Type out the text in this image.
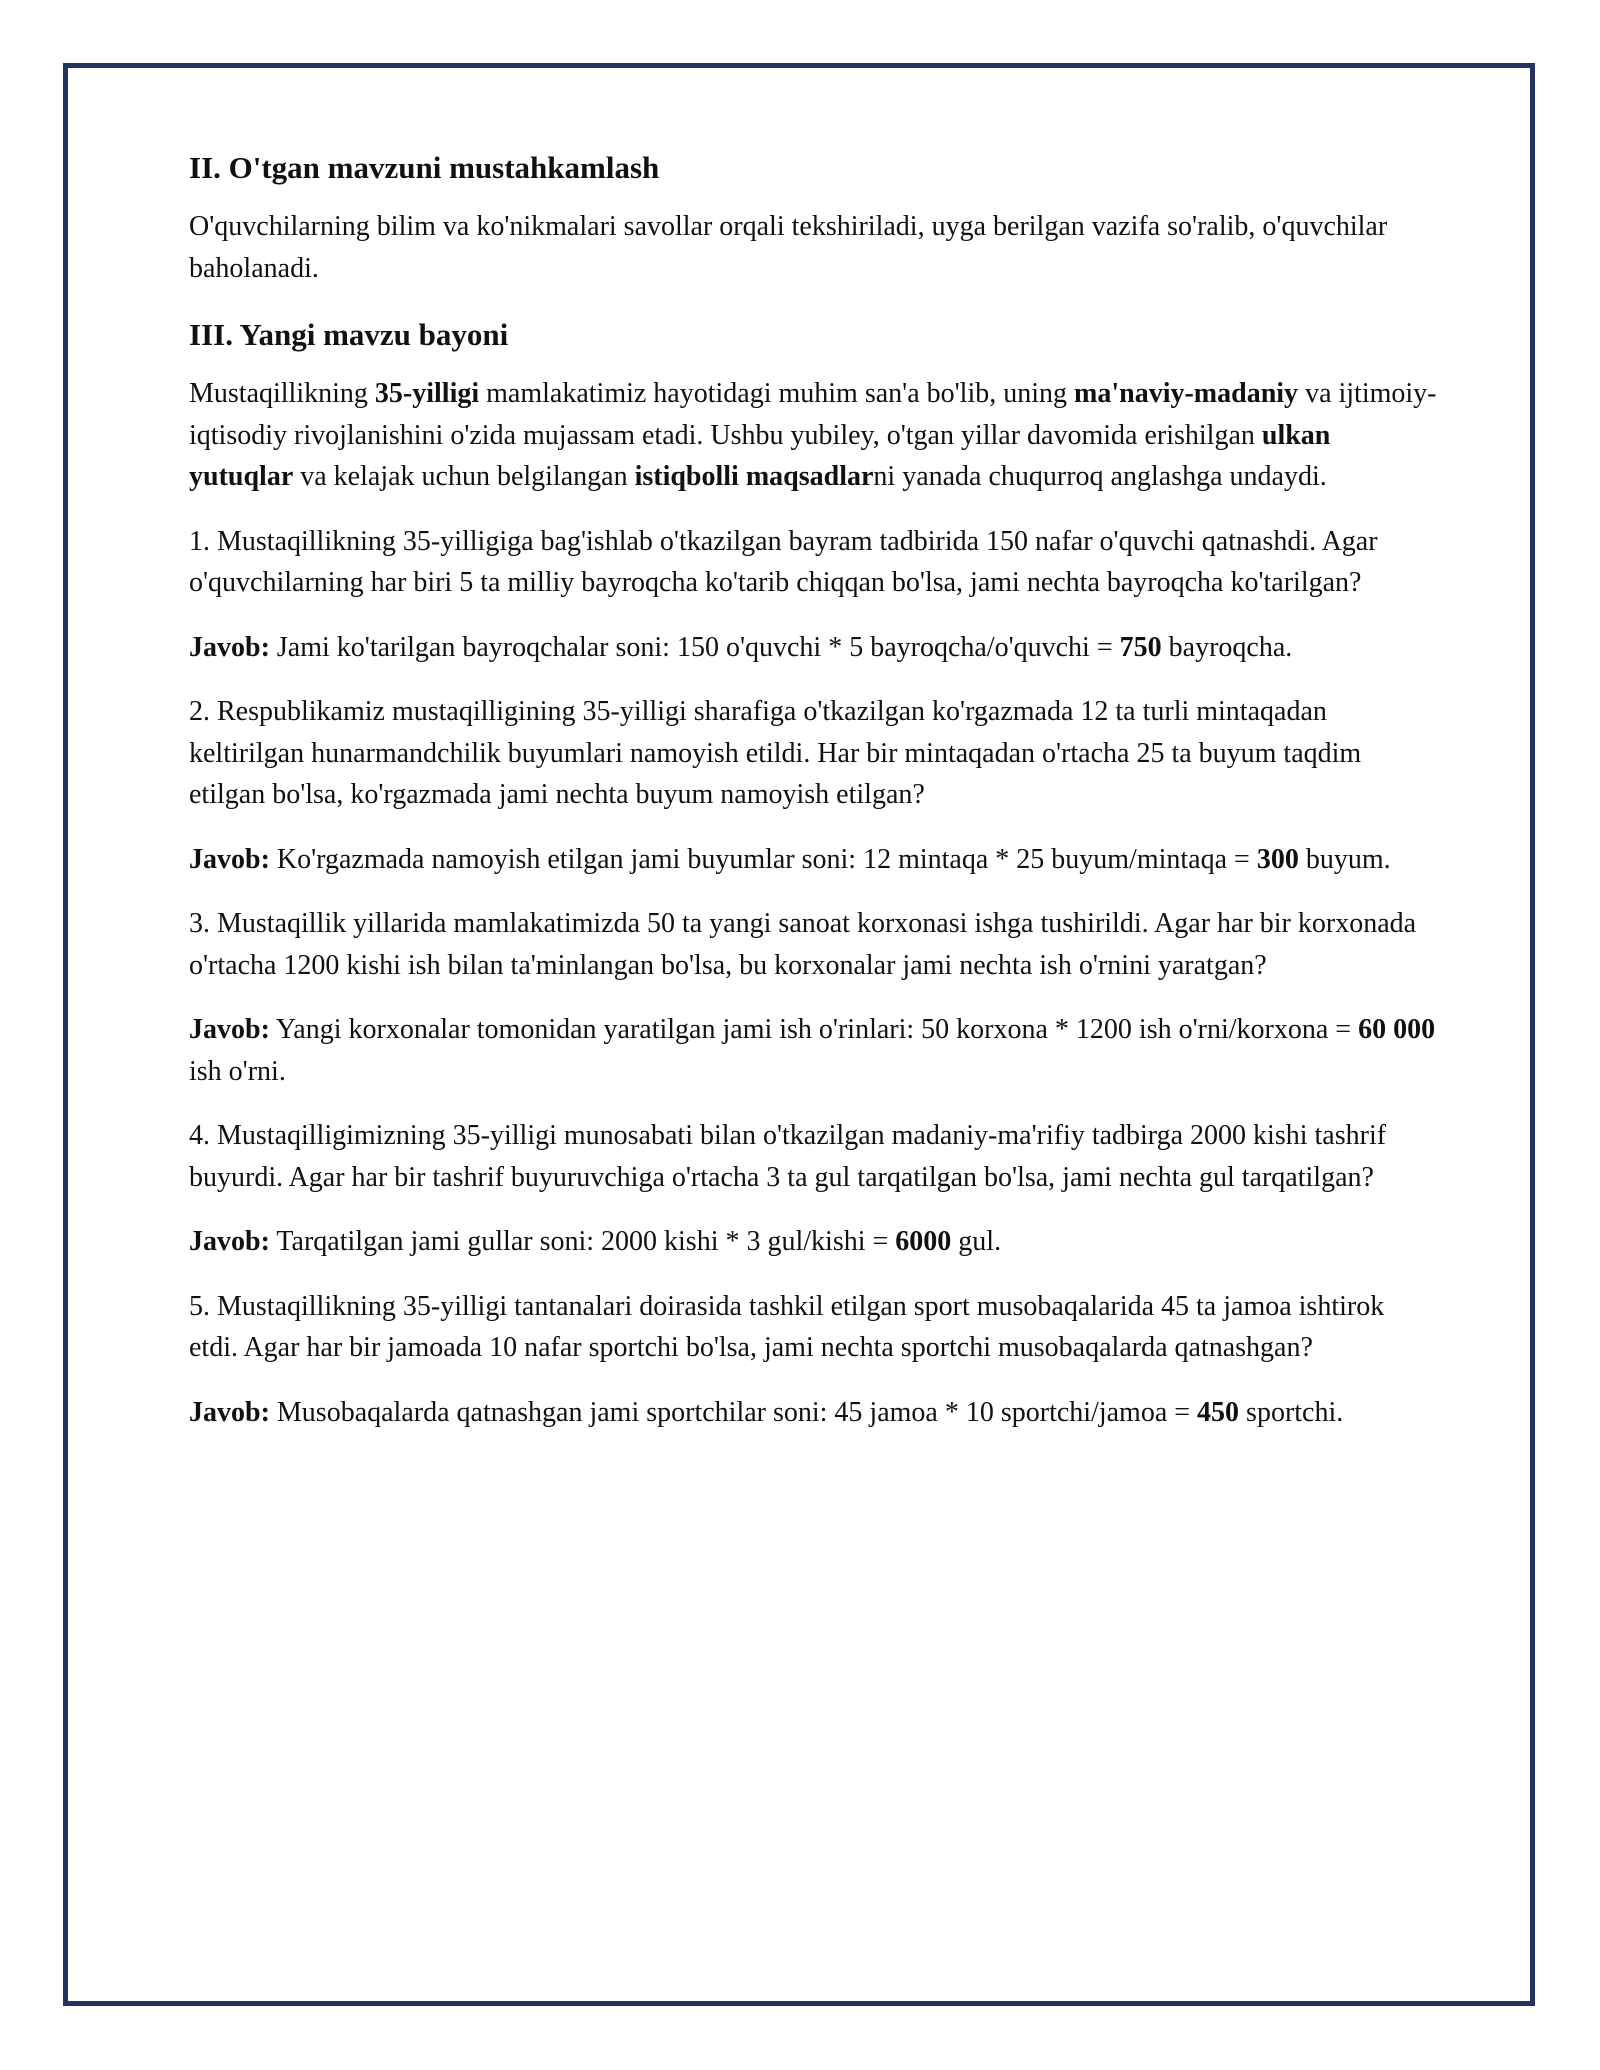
II. O'tgan mavzuni mustahkamlash

O'quvchilarning bilim va ko'nikmalari savollar orqali tekshiriladi, uyga berilgan vazifa so'ralib, o'quvchilar baholanadi.

III. Yangi mavzu bayoni

Mustaqillikning 35-yilligi mamlakatimiz hayotidagi muhim san'a bo'lib, uning ma'naviy-madaniy va ijtimoiy-iqtisodiy rivojlanishini o'zida mujassam etadi. Ushbu yubiley, o'tgan yillar davomida erishilgan ulkan yutuqlar va kelajak uchun belgilangan istiqbolli maqsadlarni yanada chuqurroq anglashga undaydi.

1. Mustaqillikning 35-yilligiga bag'ishlab o'tkazilgan bayram tadbirida 150 nafar o'quvchi qatnashdi. Agar o'quvchilarning har biri 5 ta milliy bayroqcha ko'tarib chiqqan bo'lsa, jami nechta bayroqcha ko'tarilgan?

Javob: Jami ko'tarilgan bayroqchalar soni: 150 o'quvchi * 5 bayroqcha/o'quvchi = 750 bayroqcha.

2. Respublikamiz mustaqilligining 35-yilligi sharafiga o'tkazilgan ko'rgazmada 12 ta turli mintaqadan keltirilgan hunarmandchilik buyumlari namoyish etildi. Har bir mintaqadan o'rtacha 25 ta buyum taqdim etilgan bo'lsa, ko'rgazmada jami nechta buyum namoyish etilgan?

Javob: Ko'rgazmada namoyish etilgan jami buyumlar soni: 12 mintaqa * 25 buyum/mintaqa = 300 buyum.

3. Mustaqillik yillarida mamlakatimizda 50 ta yangi sanoat korxonasi ishga tushirildi. Agar har bir korxonada o'rtacha 1200 kishi ish bilan ta'minlangan bo'lsa, bu korxonalar jami nechta ish o'rnini yaratgan?

Javob: Yangi korxonalar tomonidan yaratilgan jami ish o'rinlari: 50 korxona * 1200 ish o'rni/korxona = 60 000 ish o'rni.

4. Mustaqilligimizning 35-yilligi munosabati bilan o'tkazilgan madaniy-ma'rifiy tadbirga 2000 kishi tashrif buyurdi. Agar har bir tashrif buyuruvchiga o'rtacha 3 ta gul tarqatilgan bo'lsa, jami nechta gul tarqatilgan?

Javob: Tarqatilgan jami gullar soni: 2000 kishi * 3 gul/kishi = 6000 gul.

5. Mustaqillikning 35-yilligi tantanalari doirasida tashkil etilgan sport musobaqalarida 45 ta jamoa ishtirok etdi. Agar har bir jamoada 10 nafar sportchi bo'lsa, jami nechta sportchi musobaqalarda qatnashgan?

Javob: Musobaqalarda qatnashgan jami sportchilar soni: 45 jamoa * 10 sportchi/jamoa = 450 sportchi.
